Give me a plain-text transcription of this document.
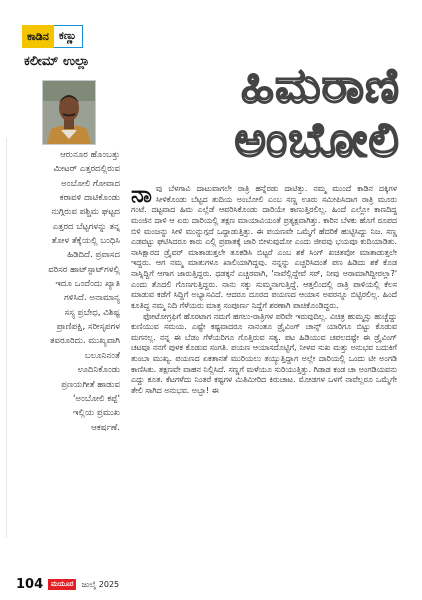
ಕಾಡಿನ ಕಣ್ಣು
ಕಲೀಮ್ ಉಲ್ಲಾ	ಹಿಮರಾಣಿ
ಅಂಬೋಲಿ
ಆರುನೂರ ಹೊಂಬತ್ತು
ಮೀಟರ್ ಎತ್ತರದಲ್ಲಿರುವ
ಅಂಬೋಲಿ ಗೋವಾದ
ಕರಾವಳಿ ದಾಟಿಕೊಂಡು
ನುಗ್ಗಿರುವ ಪಶ್ಚಿಮ ಘಟ್ಟದ
ಎತ್ತರದ ಬೆಟ್ಟಗಳನ್ನು ತನ್ನ
ತೋಳ ತೆಕ್ಕೆಯಲ್ಲಿ ಬಂಧಿಸಿ
ಹಿಡಿದಿದೆ. ಪ್ರವಾಸದ
ವರಿಸರ ಹಾಟ್‌ಸ್ಪಾಟ್‌ಗಳಲ್ಲಿ
ಇದೂ ಒಂದೆಂದು ಖ್ಯಾತಿ
ಗಳಿಸಿದೆ. ಅನಾಮಾನ್ಯ
ಸಸ್ಯ ಪ್ರಬೇಧ, ವಿಶಿಷ್ಟ
ಪ್ರಾಣಿಪಕ್ಷಿ, ಸರೀಸೃಪಗಳ
ತವರೂರಿದು. ಮುಖ್ಯವಾಗಿ
ಬಲೂನಿನಂತೆ
ಊದಿನಿಕೊಂಡು
ಪ್ರಣಯಗೀತೆ ಹಾಡುವ
'ಅಂಬೋಲಿ ಕಪ್ಪೆ'
ಇಲ್ಲಿಯ ಪ್ರಮುಖ
ಆಕರ್ಷಣೆ.

ನಾ ವು ಬೆಳಗಾವಿ ದಾಟುವಾಗಲೇ ರಾತ್ರಿ ಹನ್ನೆರಡು ದಾಟಿತ್ತು. ನಮ್ಮ ಮುಂದೆ ಕಾಡಿನ ದಕ್ಕಿಗಳ ಸೀಳಿಕೊಂಡು ಬೆಟ್ಟದ ತುದಿಯ ಅಂಬೋಲಿ ಎಂಬ ಸಣ್ಣ ಊರು ಸಮೀಪಿಸಿದಾಗ ರಾತ್ರಿ ಮೂರು ಗಂಟೆ. ದಟ್ಟವಾದ ಹಿಮ ಎಲ್ಲೆಡೆ ಆವರಿಸಿಕೊಂಡು ದಾರಿಯೇ ಕಾಣುತ್ತಿರಲಿಲ್ಲ. ಹಿಂದೆ ಎಲ್ಲೋ ಕಾಣದಿದ್ದ ಮಂಜಿನ ದಾಳಿ ಆ ಏರು ದಾರಿಯಲ್ಲಿ ತಕ್ಷಣ ಮಾಯಾವಿಯಂತೆ ಪ್ರತ್ಯಕ್ಷವಾಗಿತ್ತು. ಕಾರಿನ ಬೆಳಕು ಹೊಗೆ ರೂಪದ ಬಿಳಿ ಮಂಜನ್ನು ಸೀಳಿ ಮುನ್ನುಗ್ಗದೆ ಒದ್ದಾಡುತ್ತಿತ್ತು. ಈ ಪಯಣವೇ ಒಮ್ಮೆಗೆ ಹೆದರಿಕೆ ಹುಟ್ಟಿಸಿದ್ದು ನಿಜ. ಸಣ್ಣ ಎಡವಟ್ಟು ಘಟಿಸಿದರೂ ಕಾರು ಎಲ್ಲಿ ಪ್ರಪಾತಕ್ಕೆ ಜಾರಿ ಬೀಳುವುದೋ ಎಂದು ಜೀವವು ಭಯವೂ ಕುದಿಯಾಡಿತು. ನಾಸಿಕ್ಷಾರದ ಡ್ರೈವರ್ ಮಾತಾಡುತ್ತಲೇ ತೂಕಡಿಸಿ ಬಿಟ್ಟರೆ ಎಂಬ ಶಕೆ ಸಿಂಗ್ ಖಚಿತವೋ ಮಾತಾಡುತ್ತಲೇ ಇದ್ದರು. ಆಗ ನಮ್ಮ ಮಾತುಗಳೂ ಖಾಲಿಯಾಗಿದ್ದವು. ನನ್ನನ್ನು ಎಚ್ಚರಿಸಿದಂತೆ ಪಣ ಹಿಡಿದು ಶಕೆ ಕೊಡ ನಾಸ್ನಿದ್ದಿಗೆ ಆಗಾಗ ಜಾರುತ್ತಿದ್ದರು. ಧಡಕ್ಕನೆ ಎಚ್ಚರವಾಗಿ, 'ನಾವೆಲ್ಲಿದ್ದೇವೆ ಸರ್, ನೀವು ಅರಾಮಾಗಿದ್ದೀರಲ್ಲಾ?' ಎಂದು ತೊದಲಿ ಗೊಣಗುತ್ತಿದ್ದರು. ನಾನು ಸಕ್ಕು ಸುಮ್ಮನಾಗುತ್ತಿದ್ದೆ. ಆತ್ತಲಿಂದಲ್ಲಿ ರಾತ್ರಿ ಪಾಳಿಯಲ್ಲಿ ಕೆಲಸ ಮಾಡುವ ಕಡೆಗೆ ಸಿದ್ದಿಗೆ ಅಭ್ಯಾಸವಿದೆ. ಆದರೂ ದೂರದ ಪಯಣದ ಆಯಾಸ ಅವರನ್ನೂ ಬಿಟ್ಟಿರಲಿಲ್ಲ. ಹಿಂದೆ ಕೂತಿದ್ದ ನಮ್ಮ ನಿದಿ ಗೆಳೆಯರು ಮಾತ್ರ ಸಂಪೂರ್ಣ ನಿದ್ದೆಗೆ ಶರಣಾಗಿ ಪಾಚಿಕೊಂಡಿದ್ದರು.

ಫೋಟೋಗ್ರಫಿಗೆ ಹೊರಟಾಗ ನಮಗೆ ಹಗಲು-ರಾತ್ರಿಗಳ ಪರಿವೇ ಇರುವುದಿಲ್ಲ. ವಿಚಿತ್ರ ಹುಮ್ಮಸ್ಸು ಹುಚ್ಚೆದ್ದು ಕುಣಿಯುವ ಸಮಯ. ಎಷ್ಟೇ ಕಷ್ಟವಾದರೂ ನಾನಂತೂ ಡ್ರೈವಿಂಗ್ ಚಾನ್ಸ್ ಯಾರಿಗೂ ಬಿಟ್ಟು ಕೊಡುವ ಮಗನಲ್ಲ. ನನ್ನ ಈ ಬೆಡಂ ಗೆಳೆಯರಿಗೂ ಗೊತ್ತಿರುವ ಸತ್ಯ. ಪಟ ಹಿಡಿಯುವ ಚಪಲದಷ್ಟೇ ಈ ಡ್ರೈವಿಂಗ್ ಚಟವೂ ನನಗೆ ಪುಳಕ ಕೊಡುವ ಸಂಗತಿ. ಪಯಣ ಆಯಾಸದೊಟ್ಟಿಗೆ, ನೀಳವ ಸುಖ ಮತ್ತು ಅನುಭವ ಬದುಕಿಗೆ ತುಂಬಾ ಮುಖ್ಯ. ಪಯಣದ ಏಕತಾನತೆ ಮುರಿಯಲು ತಯ್ಯುತ್ತಿದ್ದಾಗ ಅಲ್ಲೇ ದಾರಿಯಲ್ಲಿ ಒಂದು ಟೀ ಅಂಗಡಿ ಕಾಣಿಸಿತು. ತಕ್ಷಣವೇ ವಾಹನ ನಿಲ್ಲಿಸಿದೆ. ಸಣ್ಣಗೆ ಮಳೆಯೂ ಸುರಿಯುತ್ತಿತ್ತು. ಗಿಡಾಡ ಕಂಡ ಚಾ ಅಂಗಡಿಯವನು ಎದ್ದು ಕೂತ. ಕೆಟಗಳೆದು ನಿಂತರೆ ಕಷ್ಟಗಳ ಮಿತಿಮೀರಿದ ಕಿರುಚಾಟ. ಮೋಡಗಳ ಒಳಗೆ ನಾವೆಲ್ಲರೂ ಒಮ್ಮೆಗೇ ತೇಲಿ ಸಾಗಿದ ಅನುಭವ. ಅಬ್ಬಾ! ಈ

104	ಮಯೂರ	ಜುಲೈ 2025
